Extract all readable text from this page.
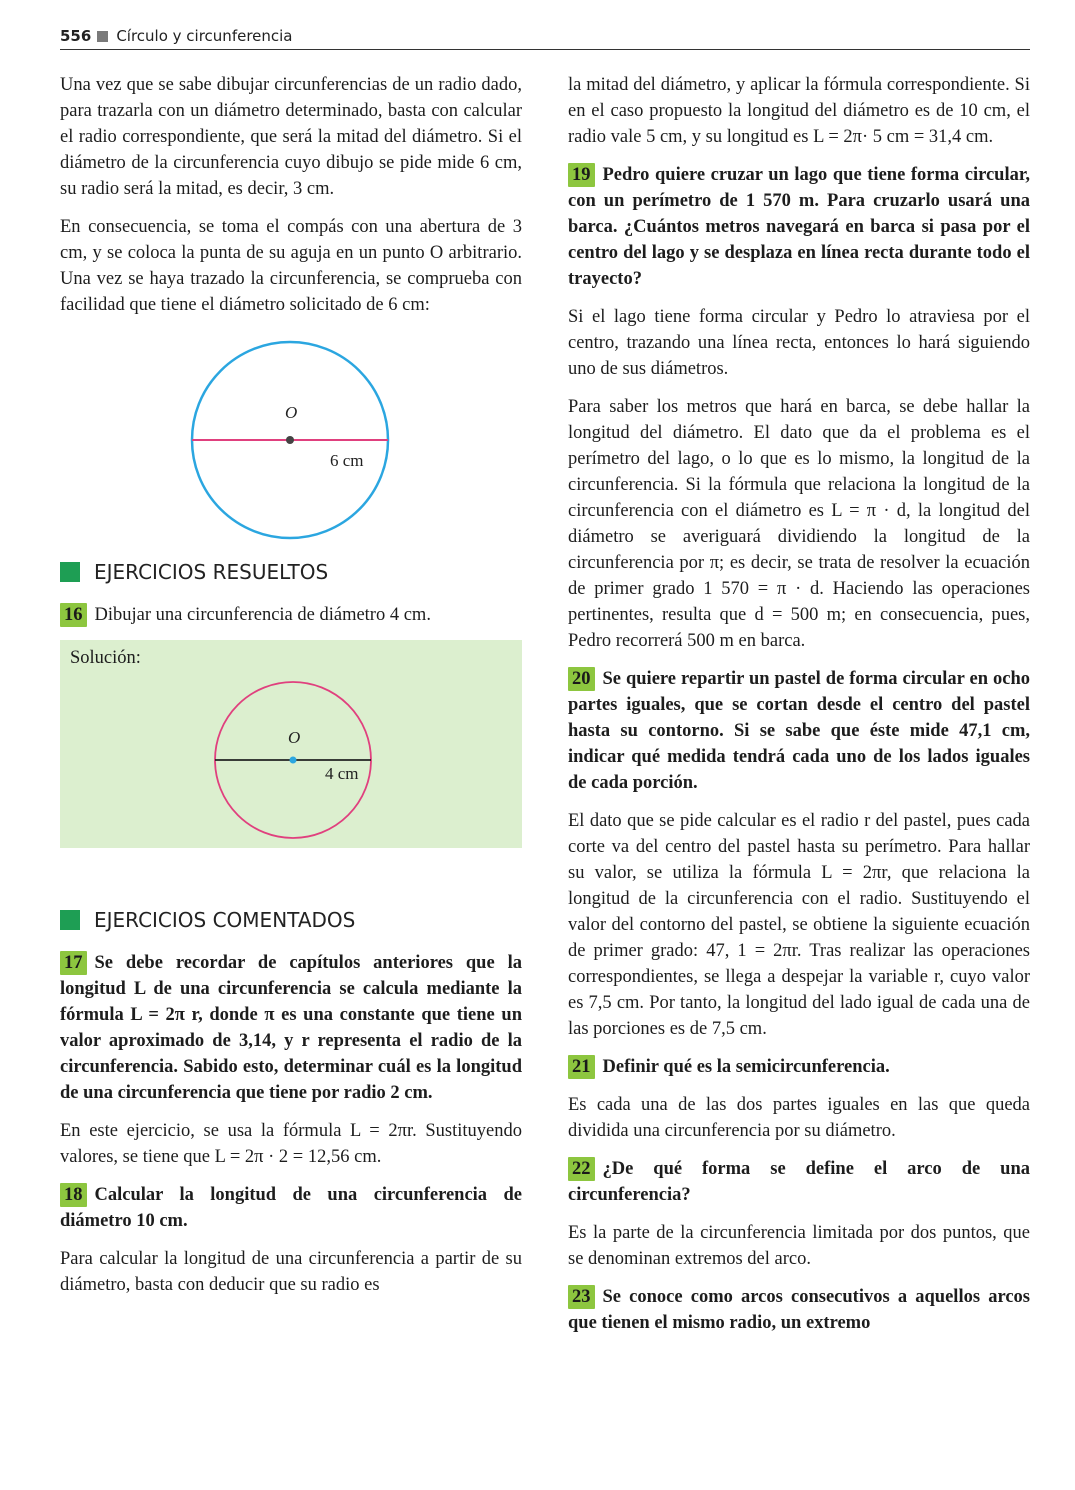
556 Círculo y circunferencia

Una vez que se sabe dibujar circunferencias de un radio dado, para trazarla con un diámetro determinado, basta con calcular el radio correspondiente, que será la mitad del diámetro. Si el diámetro de la circunferencia cuyo dibujo se pide mide 6 cm, su radio será la mitad, es decir, 3 cm.

En consecuencia, se toma el compás con una abertura de 3 cm, y se coloca la punta de su aguja en un punto O arbitrario. Una vez se haya trazado la circunferencia, se comprueba con facilidad que tiene el diámetro solicitado de 6 cm:

O
6 cm
EJERCICIOS RESUELTOS

16 Dibujar una circunferencia de diámetro 4 cm.

Solución:
O
4 cm
EJERCICIOS COMENTADOS

17 Se debe recordar de capítulos anteriores que la longitud L de una circunferencia se calcula mediante la fórmula L = 2π r, donde π es una constante que tiene un valor aproximado de 3,14, y r representa el radio de la circunferencia. Sabido esto, determinar cuál es la longitud de una circunferencia que tiene por radio 2 cm.

En este ejercicio, se usa la fórmula L = 2πr. Sustituyendo valores, se tiene que L = 2π · 2 = 12,56 cm.

18 Calcular la longitud de una circunferencia de diámetro 10 cm.

Para calcular la longitud de una circunferencia a partir de su diámetro, basta con deducir que su radio es

la mitad del diámetro, y aplicar la fórmula correspondiente. Si en el caso propuesto la longitud del diámetro es de 10 cm, el radio vale 5 cm, y su longitud es L = 2π· 5 cm = 31,4 cm.

19 Pedro quiere cruzar un lago que tiene forma circular, con un perímetro de 1 570 m. Para cruzarlo usará una barca. ¿Cuántos metros navegará en barca si pasa por el centro del lago y se desplaza en línea recta durante todo el trayecto?

Si el lago tiene forma circular y Pedro lo atraviesa por el centro, trazando una línea recta, entonces lo hará siguiendo uno de sus diámetros.

Para saber los metros que hará en barca, se debe hallar la longitud del diámetro. El dato que da el problema es el perímetro del lago, o lo que es lo mismo, la longitud de la circunferencia. Si la fórmula que relaciona la longitud de la circunferencia con el diámetro es L = π · d, la longitud del diámetro se averiguará dividiendo la longitud de la circunferencia por π; es decir, se trata de resolver la ecuación de primer grado 1 570 = π · d. Haciendo las operaciones pertinentes, resulta que d = 500 m; en consecuencia, pues, Pedro recorrerá 500 m en barca.

20 Se quiere repartir un pastel de forma circular en ocho partes iguales, que se cortan desde el centro del pastel hasta su contorno. Si se sabe que éste mide 47,1 cm, indicar qué medida tendrá cada uno de los lados iguales de cada porción.

El dato que se pide calcular es el radio r del pastel, pues cada corte va del centro del pastel hasta su perímetro. Para hallar su valor, se utiliza la fórmula L = 2πr, que relaciona la longitud de la circunferencia con el radio. Sustituyendo el valor del contorno del pastel, se obtiene la siguiente ecuación de primer grado: 47, 1 = 2πr. Tras realizar las operaciones correspondientes, se llega a despejar la variable r, cuyo valor es 7,5 cm. Por tanto, la longitud del lado igual de cada una de las porciones es de 7,5 cm.

21 Definir qué es la semicircunferencia.

Es cada una de las dos partes iguales en las que queda dividida una circunferencia por su diámetro.

22 ¿De qué forma se define el arco de una circunferencia?

Es la parte de la circunferencia limitada por dos puntos, que se denominan extremos del arco.

23 Se conoce como arcos consecutivos a aquellos arcos que tienen el mismo radio, un extremo
